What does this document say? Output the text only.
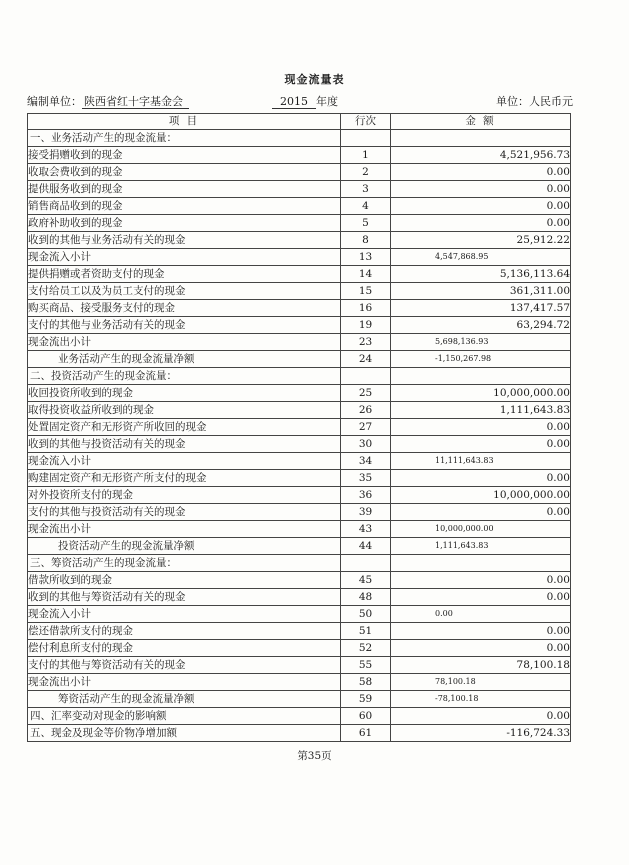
现金流量表
编制单位： 陕西省红十字基金会	2015 年度	单位：人民币元
项 目	行次	金 额
一、业务活动产生的现金流量：		
接受捐赠收到的现金	1	4,521,956.73
收取会费收到的现金	2	0.00
提供服务收到的现金	3	0.00
销售商品收到的现金	4	0.00
政府补助收到的现金	5	0.00
收到的其他与业务活动有关的现金	8	25,912.22
现金流入小计	13	4,547,868.95
提供捐赠或者资助支付的现金	14	5,136,113.64
支付给员工以及为员工支付的现金	15	361,311.00
购买商品、接受服务支付的现金	16	137,417.57
支付的其他与业务活动有关的现金	19	63,294.72
现金流出小计	23	5,698,136.93
业务活动产生的现金流量净额	24	-1,150,267.98
二、投资活动产生的现金流量：		
收回投资所收到的现金	25	10,000,000.00
取得投资收益所收到的现金	26	1,111,643.83
处置固定资产和无形资产所收回的现金	27	0.00
收到的其他与投资活动有关的现金	30	0.00
现金流入小计	34	11,111,643.83
购建固定资产和无形资产所支付的现金	35	0.00
对外投资所支付的现金	36	10,000,000.00
支付的其他与投资活动有关的现金	39	0.00
现金流出小计	43	10,000,000.00
投资活动产生的现金流量净额	44	1,111,643.83
三、筹资活动产生的现金流量：		
借款所收到的现金	45	0.00
收到的其他与筹资活动有关的现金	48	0.00
现金流入小计	50	0.00
偿还借款所支付的现金	51	0.00
偿付利息所支付的现金	52	0.00
支付的其他与筹资活动有关的现金	55	78,100.18
现金流出小计	58	78,100.18
筹资活动产生的现金流量净额	59	-78,100.18
四、汇率变动对现金的影响额	60	0.00
五、现金及现金等价物净增加额	61	-116,724.33
第35页
